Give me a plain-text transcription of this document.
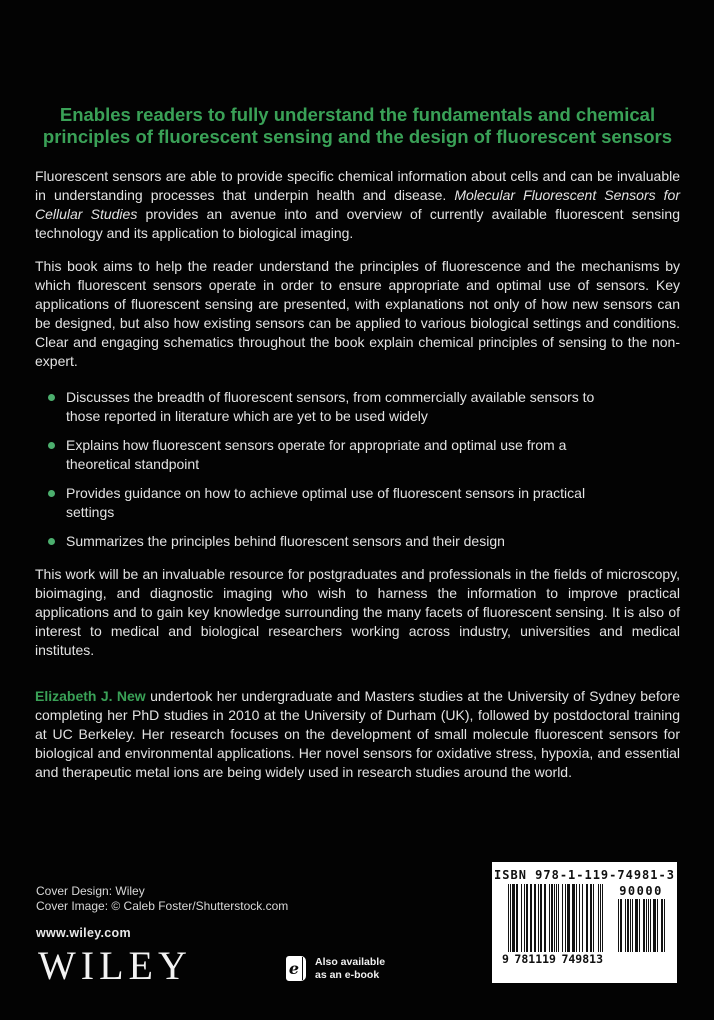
Enables readers to fully understand the fundamentals and chemical
principles of fluorescent sensing and the design of fluorescent sensors

Fluorescent sensors are able to provide specific chemical information about cells and can be invaluable in understanding processes that underpin health and disease. Molecular Fluorescent Sensors for Cellular Studies provides an avenue into and overview of currently available fluorescent sensing technology and its application to biological imaging.

This book aims to help the reader understand the principles of fluorescence and the mechanisms by which fluorescent sensors operate in order to ensure appropriate and optimal use of sensors. Key applications of fluorescent sensing are presented, with explanations not only of how new sensors can be designed, but also how existing sensors can be applied to various biological settings and conditions. Clear and engaging schematics throughout the book explain chemical principles of sensing to the non-expert.

Discusses the breadth of fluorescent sensors, from commercially available sensors to those reported in literature which are yet to be used widely
Explains how fluorescent sensors operate for appropriate and optimal use from a theoretical standpoint
Provides guidance on how to achieve optimal use of fluorescent sensors in practical settings
Summarizes the principles behind fluorescent sensors and their design

This work will be an invaluable resource for postgraduates and professionals in the fields of microscopy, bioimaging, and diagnostic imaging who wish to harness the information to improve practical applications and to gain key knowledge surrounding the many facets of fluorescent sensing. It is also of interest to medical and biological researchers working across industry, universities and medical institutes.

Elizabeth J. New undertook her undergraduate and Masters studies at the University of Sydney before completing her PhD studies in 2010 at the University of Durham (UK), followed by postdoctoral training at UC Berkeley. Her research focuses on the development of small molecule fluorescent sensors for biological and environmental applications. Her novel sensors for oxidative stress, hypoxia, and essential and therapeutic metal ions are being widely used in research studies around the world.

Cover Design: Wiley
Cover Image: © Caleb Foster/Shutterstock.com
www.wiley.com
WILEY	e Also available
as an e-book
ISBN 978-1-119-74981-3
9 781119 749813
90000
